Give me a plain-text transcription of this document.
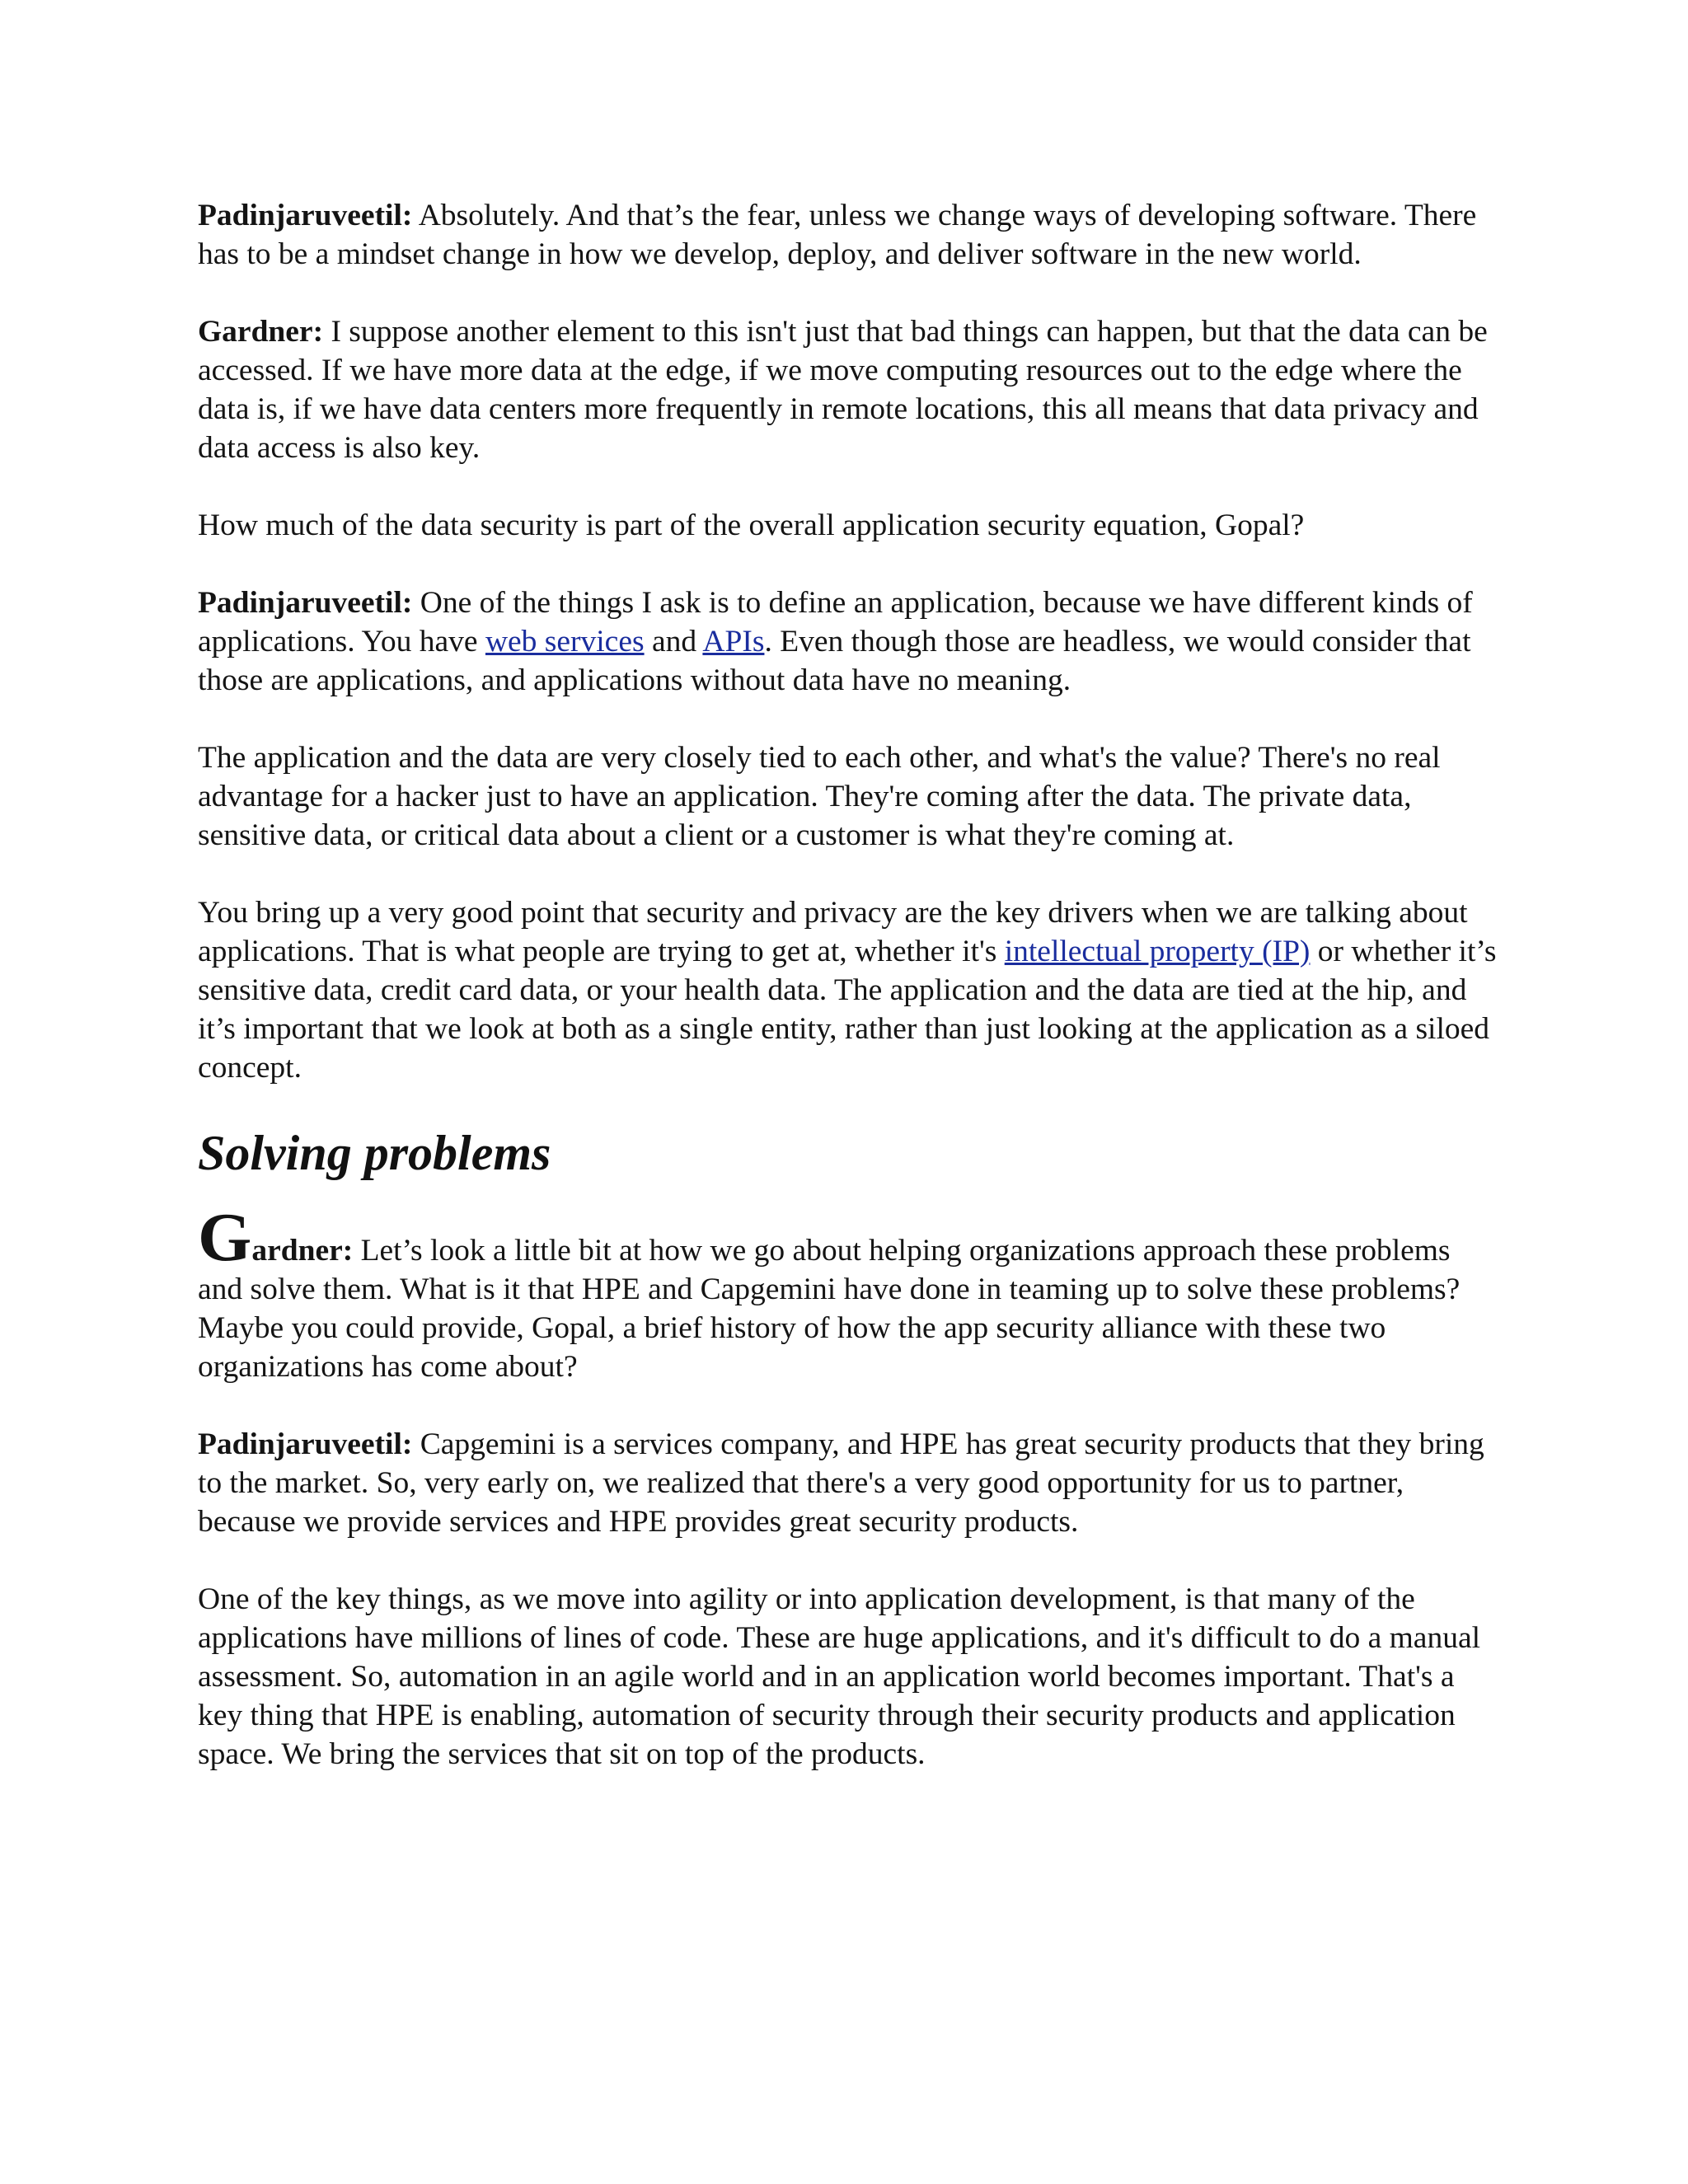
Padinjaruveetil: Absolutely. And that’s the fear, unless we change ways of developing software. There has to be a mindset change in how we develop, deploy, and deliver software in the new world.

Gardner: I suppose another element to this isn't just that bad things can happen, but that the data can be accessed. If we have more data at the edge, if we move computing resources out to the edge where the data is, if we have data centers more frequently in remote locations, this all means that data privacy and data access is also key.

How much of the data security is part of the overall application security equation, Gopal?

Padinjaruveetil: One of the things I ask is to define an application, because we have different kinds of applications. You have web services and APIs. Even though those are headless, we would consider that those are applications, and applications without data have no meaning.

The application and the data are very closely tied to each other, and what's the value? There's no real advantage for a hacker just to have an application. They're coming after the data. The private data, sensitive data, or critical data about a client or a customer is what they're coming at.

You bring up a very good point that security and privacy are the key drivers when we are talking about applications. That is what people are trying to get at, whether it's intellectual property (IP) or whether it’s sensitive data, credit card data, or your health data. The application and the data are tied at the hip, and it’s important that we look at both as a single entity, rather than just looking at the application as a siloed concept.

Solving problems

Gardner: Let’s look a little bit at how we go about helping organizations approach these problems and solve them. What is it that HPE and Capgemini have done in teaming up to solve these problems? Maybe you could provide, Gopal, a brief history of how the app security alliance with these two organizations has come about?

Padinjaruveetil: Capgemini is a services company, and HPE has great security products that they bring to the market. So, very early on, we realized that there's a very good opportunity for us to partner, because we provide services and HPE provides great security products.

One of the key things, as we move into agility or into application development, is that many of the applications have millions of lines of code. These are huge applications, and it's difficult to do a manual assessment. So, automation in an agile world and in an application world becomes important. That's a key thing that HPE is enabling, automation of security through their security products and application space. We bring the services that sit on top of the products.
